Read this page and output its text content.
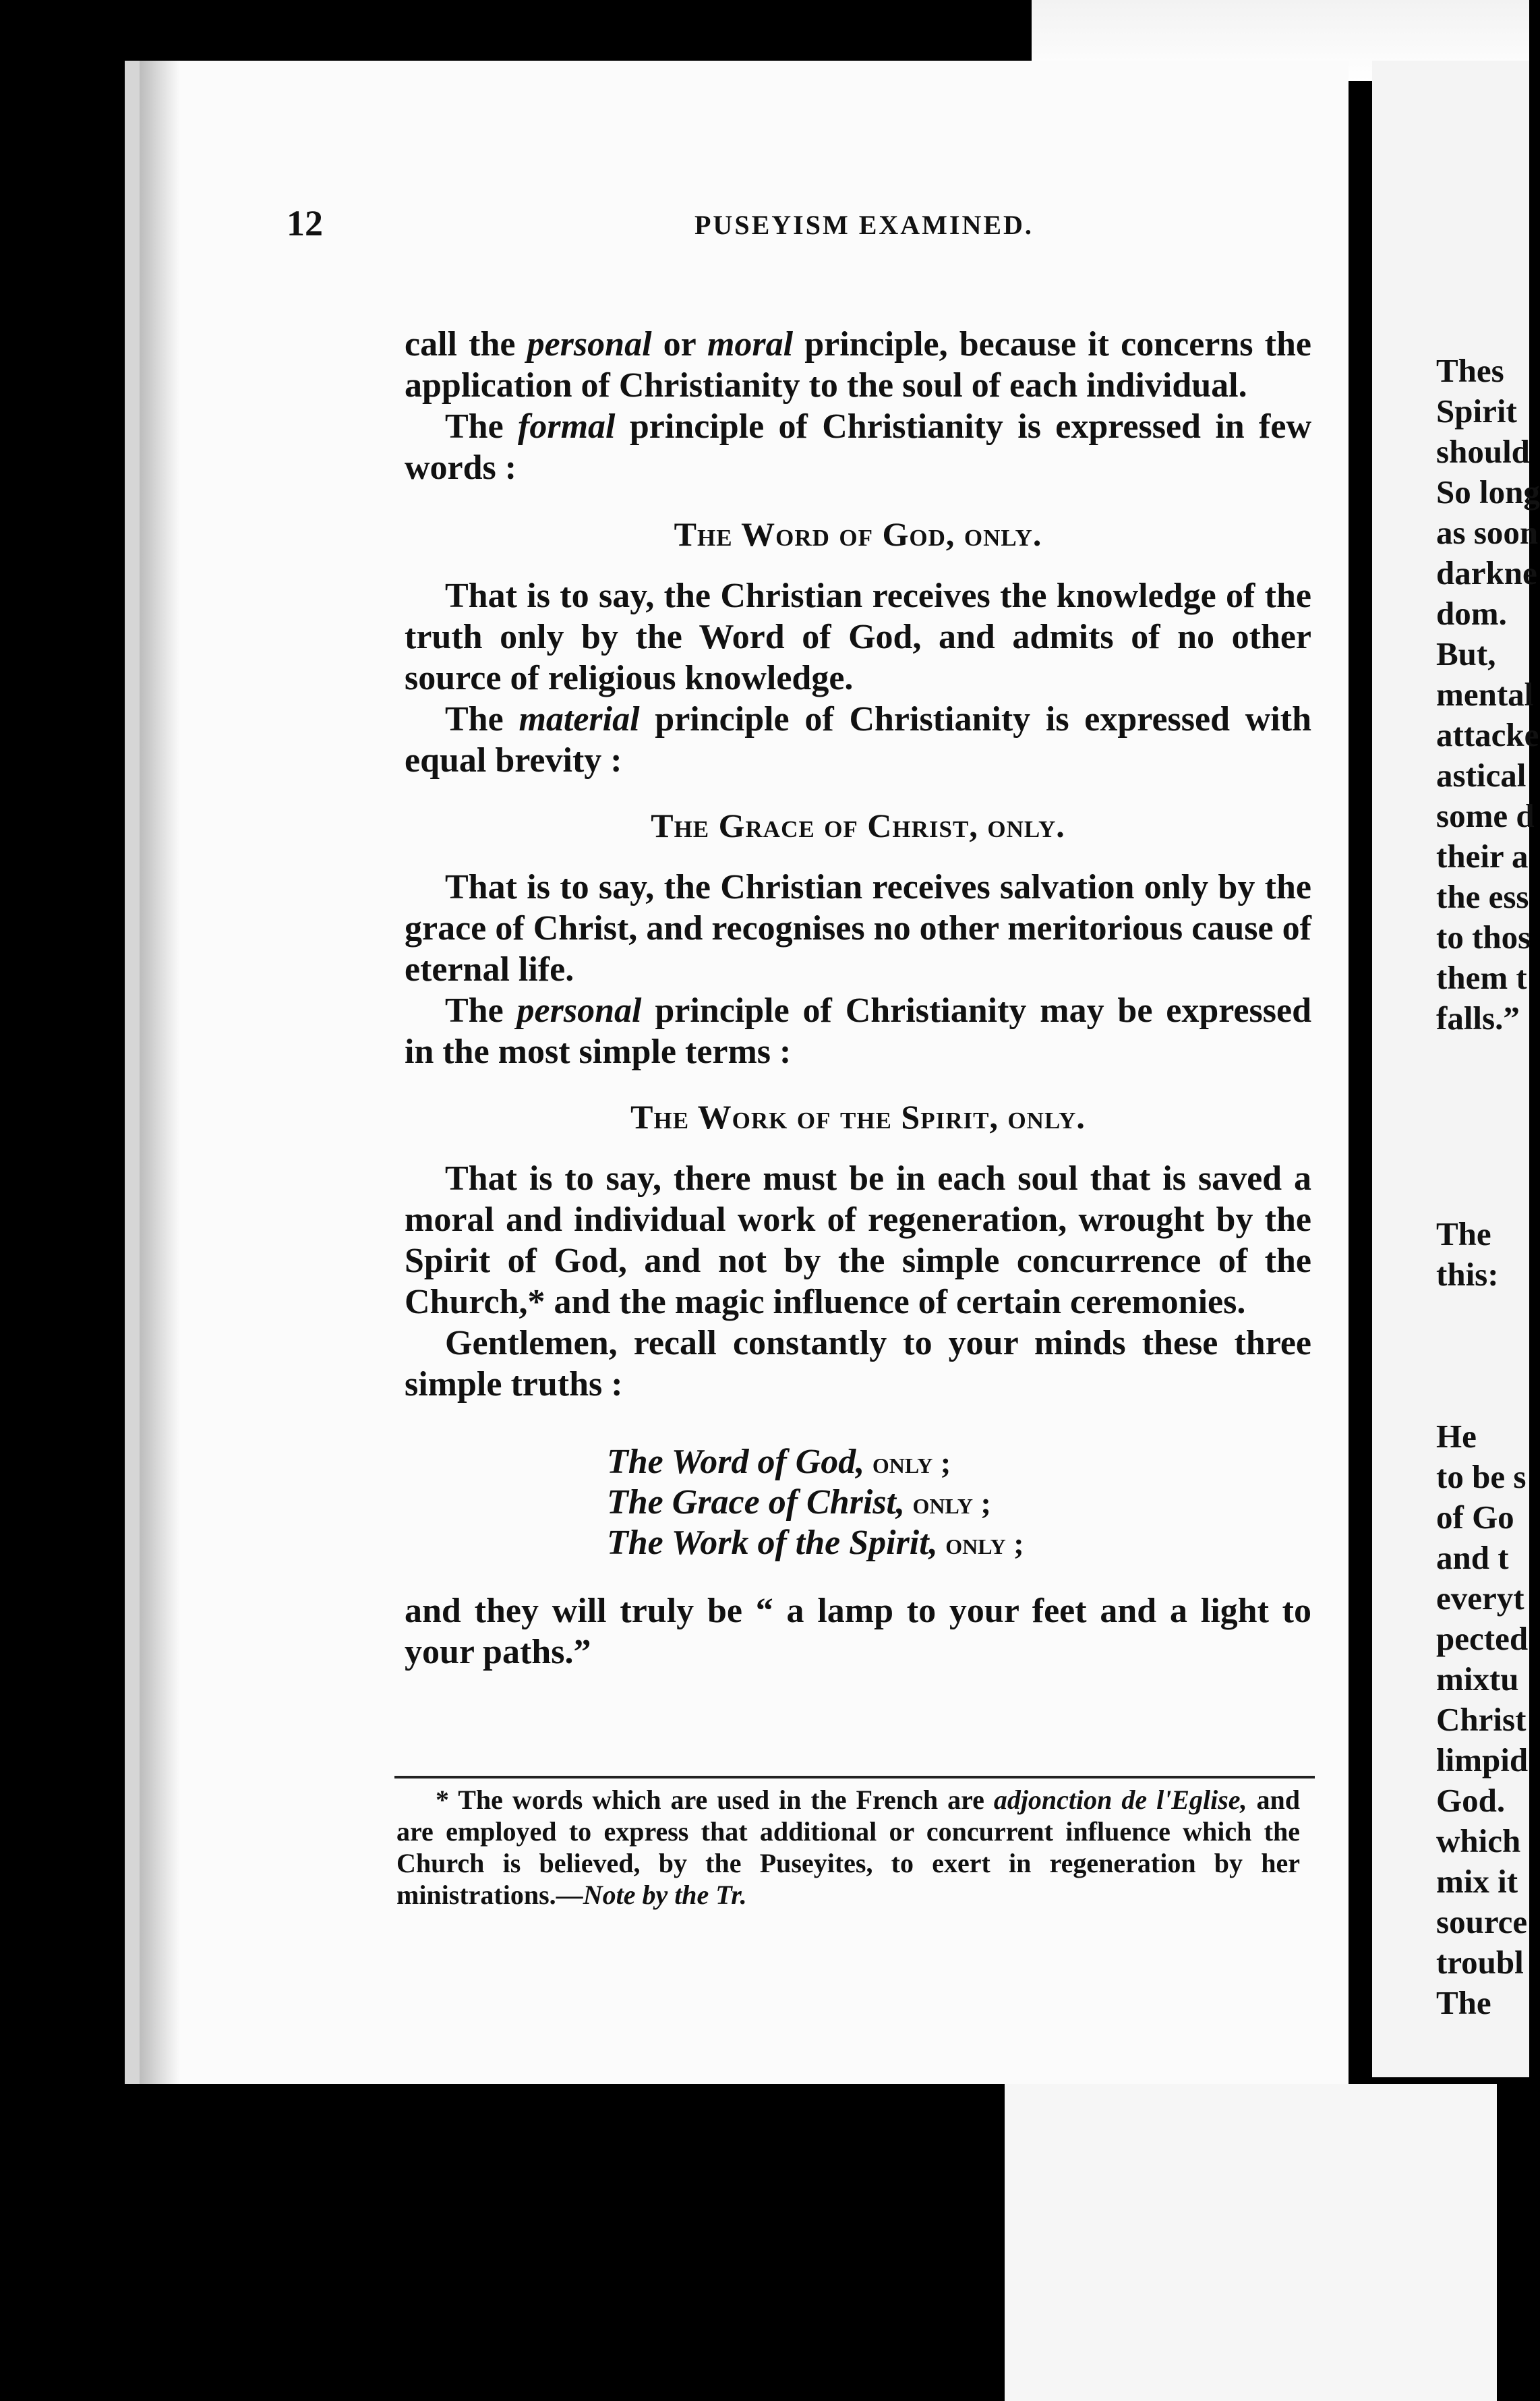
Thes
Spirit
should
So long
as soon
darkne
dom.
But,
mental
attacke
astical
some d
their a
the ess
to thos
them t
falls.”
The
this:
He
to be s
of Go
and t
everyt
pected
mixtu
Christ
limpid
God.
which
mix it
source
troubl
The
12	PUSEYISM EXAMINED.

call the personal or moral principle, because it concerns the application of Christianity to the soul of each individual.

The formal principle of Christianity is expressed in few words :

The Word of God, only.

That is to say, the Christian receives the knowledge of the truth only by the Word of God, and admits of no other source of religious knowledge.

The material principle of Christianity is expressed with equal brevity :

The Grace of Christ, only.

That is to say, the Christian receives salvation only by the grace of Christ, and recognises no other meritorious cause of eternal life.

The personal principle of Christianity may be expressed in the most simple terms :

The Work of the Spirit, only.

That is to say, there must be in each soul that is saved a moral and individual work of regeneration, wrought by the Spirit of God, and not by the simple concurrence of the Church,* and the magic influence of certain ceremonies.

Gentlemen, recall constantly to your minds these three simple truths :

The Word of God, only ;
The Grace of Christ, only ;
The Work of the Spirit, only ;

and they will truly be “ a lamp to your feet and a light to your paths.”

* The words which are used in the French are adjonction de l'Eglise, and are employed to express that additional or concurrent influence which the Church is believed, by the Puseyites, to exert in regeneration by her ministrations.—Note by the Tr.
